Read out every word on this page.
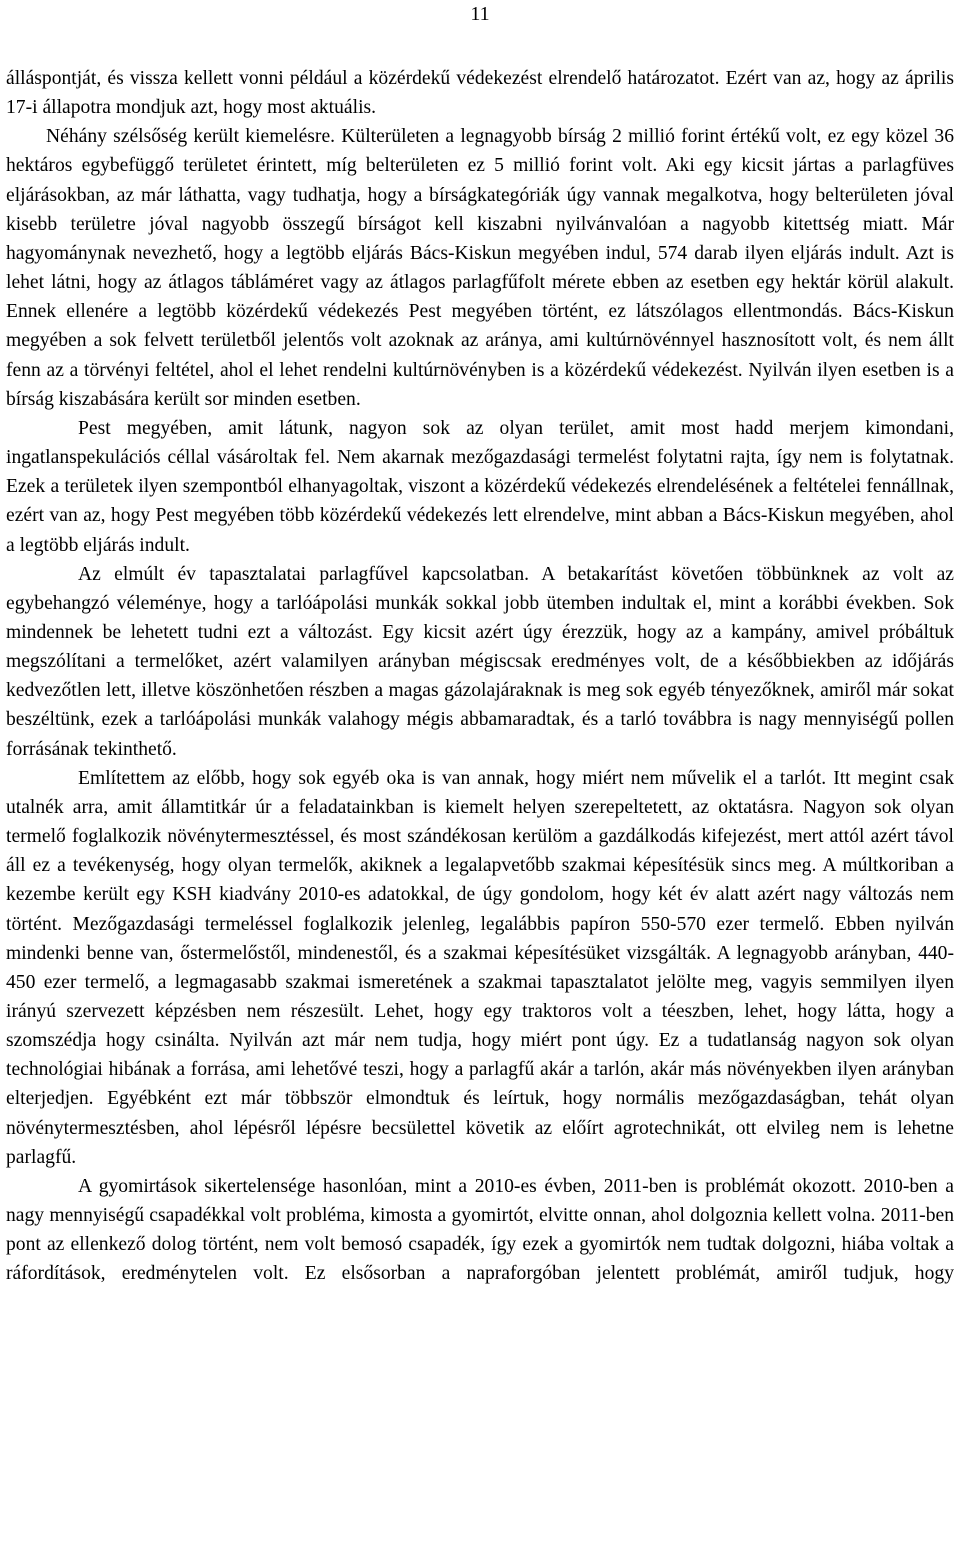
11

álláspontját, és vissza kellett vonni például a közérdekű védekezést elrendelő határozatot. Ezért van az, hogy az április 17-i állapotra mondjuk azt, hogy most aktuális.

Néhány szélsőség került kiemelésre. Külterületen a legnagyobb bírság 2 millió forint értékű volt, ez egy közel 36 hektáros egybefüggő területet érintett, míg belterületen ez 5 millió forint volt. Aki egy kicsit jártas a parlagfüves eljárásokban, az már láthatta, vagy tudhatja, hogy a bírságkategóriák úgy vannak megalkotva, hogy belterületen jóval kisebb területre jóval nagyobb összegű bírságot kell kiszabni nyilvánvalóan a nagyobb kitettség miatt. Már hagyománynak nevezhető, hogy a legtöbb eljárás Bács-Kiskun megyében indul, 574 darab ilyen eljárás indult. Azt is lehet látni, hogy az átlagos tábláméret vagy az átlagos parlagfűfolt mérete ebben az esetben egy hektár körül alakult. Ennek ellenére a legtöbb közérdekű védekezés Pest megyében történt, ez látszólagos ellentmondás. Bács-Kiskun megyében a sok felvett területből jelentős volt azoknak az aránya, ami kultúrnövénnyel hasznosított volt, és nem állt fenn az a törvényi feltétel, ahol el lehet rendelni kultúrnövényben is a közérdekű védekezést. Nyilván ilyen esetben is a bírság kiszabására került sor minden esetben.

Pest megyében, amit látunk, nagyon sok az olyan terület, amit most hadd merjem kimondani, ingatlanspekulációs céllal vásároltak fel. Nem akarnak mezőgazdasági termelést folytatni rajta, így nem is folytatnak. Ezek a területek ilyen szempontból elhanyagoltak, viszont a közérdekű védekezés elrendelésének a feltételei fennállnak, ezért van az, hogy Pest megyében több közérdekű védekezés lett elrendelve, mint abban a Bács-Kiskun megyében, ahol a legtöbb eljárás indult.

Az elmúlt év tapasztalatai parlagfűvel kapcsolatban. A betakarítást követően többünknek az volt az egybehangzó véleménye, hogy a tarlóápolási munkák sokkal jobb ütemben indultak el, mint a korábbi években. Sok mindennek be lehetett tudni ezt a változást. Egy kicsit azért úgy érezzük, hogy az a kampány, amivel próbáltuk megszólítani a termelőket, azért valamilyen arányban mégiscsak eredményes volt, de a későbbiekben az időjárás kedvezőtlen lett, illetve köszönhetően részben a magas gázolajáraknak is meg sok egyéb tényezőknek, amiről már sokat beszéltünk, ezek a tarlóápolási munkák valahogy mégis abbamaradtak, és a tarló továbbra is nagy mennyiségű pollen forrásának tekinthető.

Említettem az előbb, hogy sok egyéb oka is van annak, hogy miért nem művelik el a tarlót. Itt megint csak utalnék arra, amit államtitkár úr a feladatainkban is kiemelt helyen szerepeltetett, az oktatásra. Nagyon sok olyan termelő foglalkozik növénytermesztéssel, és most szándékosan kerülöm a gazdálkodás kifejezést, mert attól azért távol áll ez a tevékenység, hogy olyan termelők, akiknek a legalapvetőbb szakmai képesítésük sincs meg. A múltkoriban a kezembe került egy KSH kiadvány 2010-es adatokkal, de úgy gondolom, hogy két év alatt azért nagy változás nem történt. Mezőgazdasági termeléssel foglalkozik jelenleg, legalábbis papíron 550-570 ezer termelő. Ebben nyilván mindenki benne van, őstermelőstől, mindenestől, és a szakmai képesítésüket vizsgálták. A legnagyobb arányban, 440-450 ezer termelő, a legmagasabb szakmai ismeretének a szakmai tapasztalatot jelölte meg, vagyis semmilyen ilyen irányú szervezett képzésben nem részesült. Lehet, hogy egy traktoros volt a téeszben, lehet, hogy látta, hogy a szomszédja hogy csinálta. Nyilván azt már nem tudja, hogy miért pont úgy. Ez a tudatlanság nagyon sok olyan technológiai hibának a forrása, ami lehetővé teszi, hogy a parlagfű akár a tarlón, akár más növényekben ilyen arányban elterjedjen. Egyébként ezt már többször elmondtuk és leírtuk, hogy normális mezőgazdaságban, tehát olyan növénytermesztésben, ahol lépésről lépésre becsülettel követik az előírt agrotechnikát, ott elvileg nem is lehetne parlagfű.

A gyomirtások sikertelensége hasonlóan, mint a 2010-es évben, 2011-ben is problémát okozott. 2010-ben a nagy mennyiségű csapadékkal volt probléma, kimosta a gyomirtót, elvitte onnan, ahol dolgoznia kellett volna. 2011-ben pont az ellenkező dolog történt, nem volt bemosó csapadék, így ezek a gyomirtók nem tudtak dolgozni, hiába voltak a ráfordítások, eredménytelen volt. Ez elsősorban a napraforgóban jelentett problémát, amiről tudjuk, hogy
